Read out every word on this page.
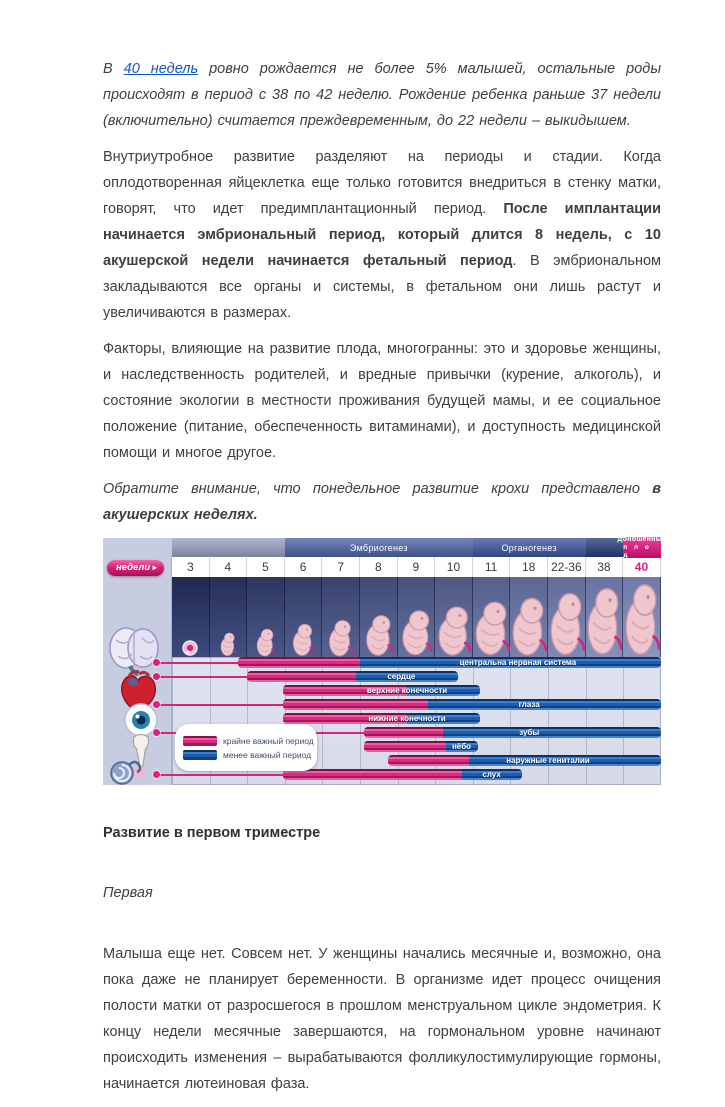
В 40 недель ровно рождается не более 5% малышей, остальные роды происходят в период с 38 по 42 неделю. Рождение ребенка раньше 37 недели (включительно) считается преждевременным, до 22 недели – выкидышем.

Внутриутробное развитие разделяют на периоды и стадии. Когда оплодотворенная яйцеклетка еще только готовится внедриться в стенку матки, говорят, что идет предимплантационный период. После имплантации начинается эмбриональный период, который длится 8 недель, с 10 акушерской недели начинается фетальный период. В эмбриональном закладываются все органы и системы, в фетальном они лишь растут и увеличиваются в размерах.

Факторы, влияющие на развитие плода, многогранны: это и здоровье женщины, и наследственность родителей, и вредные привычки (курение, алкоголь), и состояние экологии в местности проживания будущей мамы, и ее социальное положение (питание, обеспеченность витаминами), и доступность медицинской помощи и многое другое.

Обратите внимание, что понедельное развитие крохи представлено в акушерских неделях.

недели ▸
крайне важный период
менее важный период
Эмбриогенез	Органогенез
Доношенный
п л о д
3	4	5	6	7	8	9	10	11	18	22-36	38	40
центральна нервная система
сердце
верхние конечности
глаза
нижние конечности
зубы
нёбо
наружные гениталии
слух
Развитие в первом триместре
Первая

Малыша еще нет. Совсем нет. У женщины начались месячные и, возможно, она пока даже не планирует беременности. В организме идет процесс очищения полости матки от разросшегося в прошлом менструальном цикле эндометрия. К концу недели месячные завершаются, на гормональном уровне начинают происходить изменения – вырабатываются фолликулостимулирующие гормоны, начинается лютеиновая фаза.
